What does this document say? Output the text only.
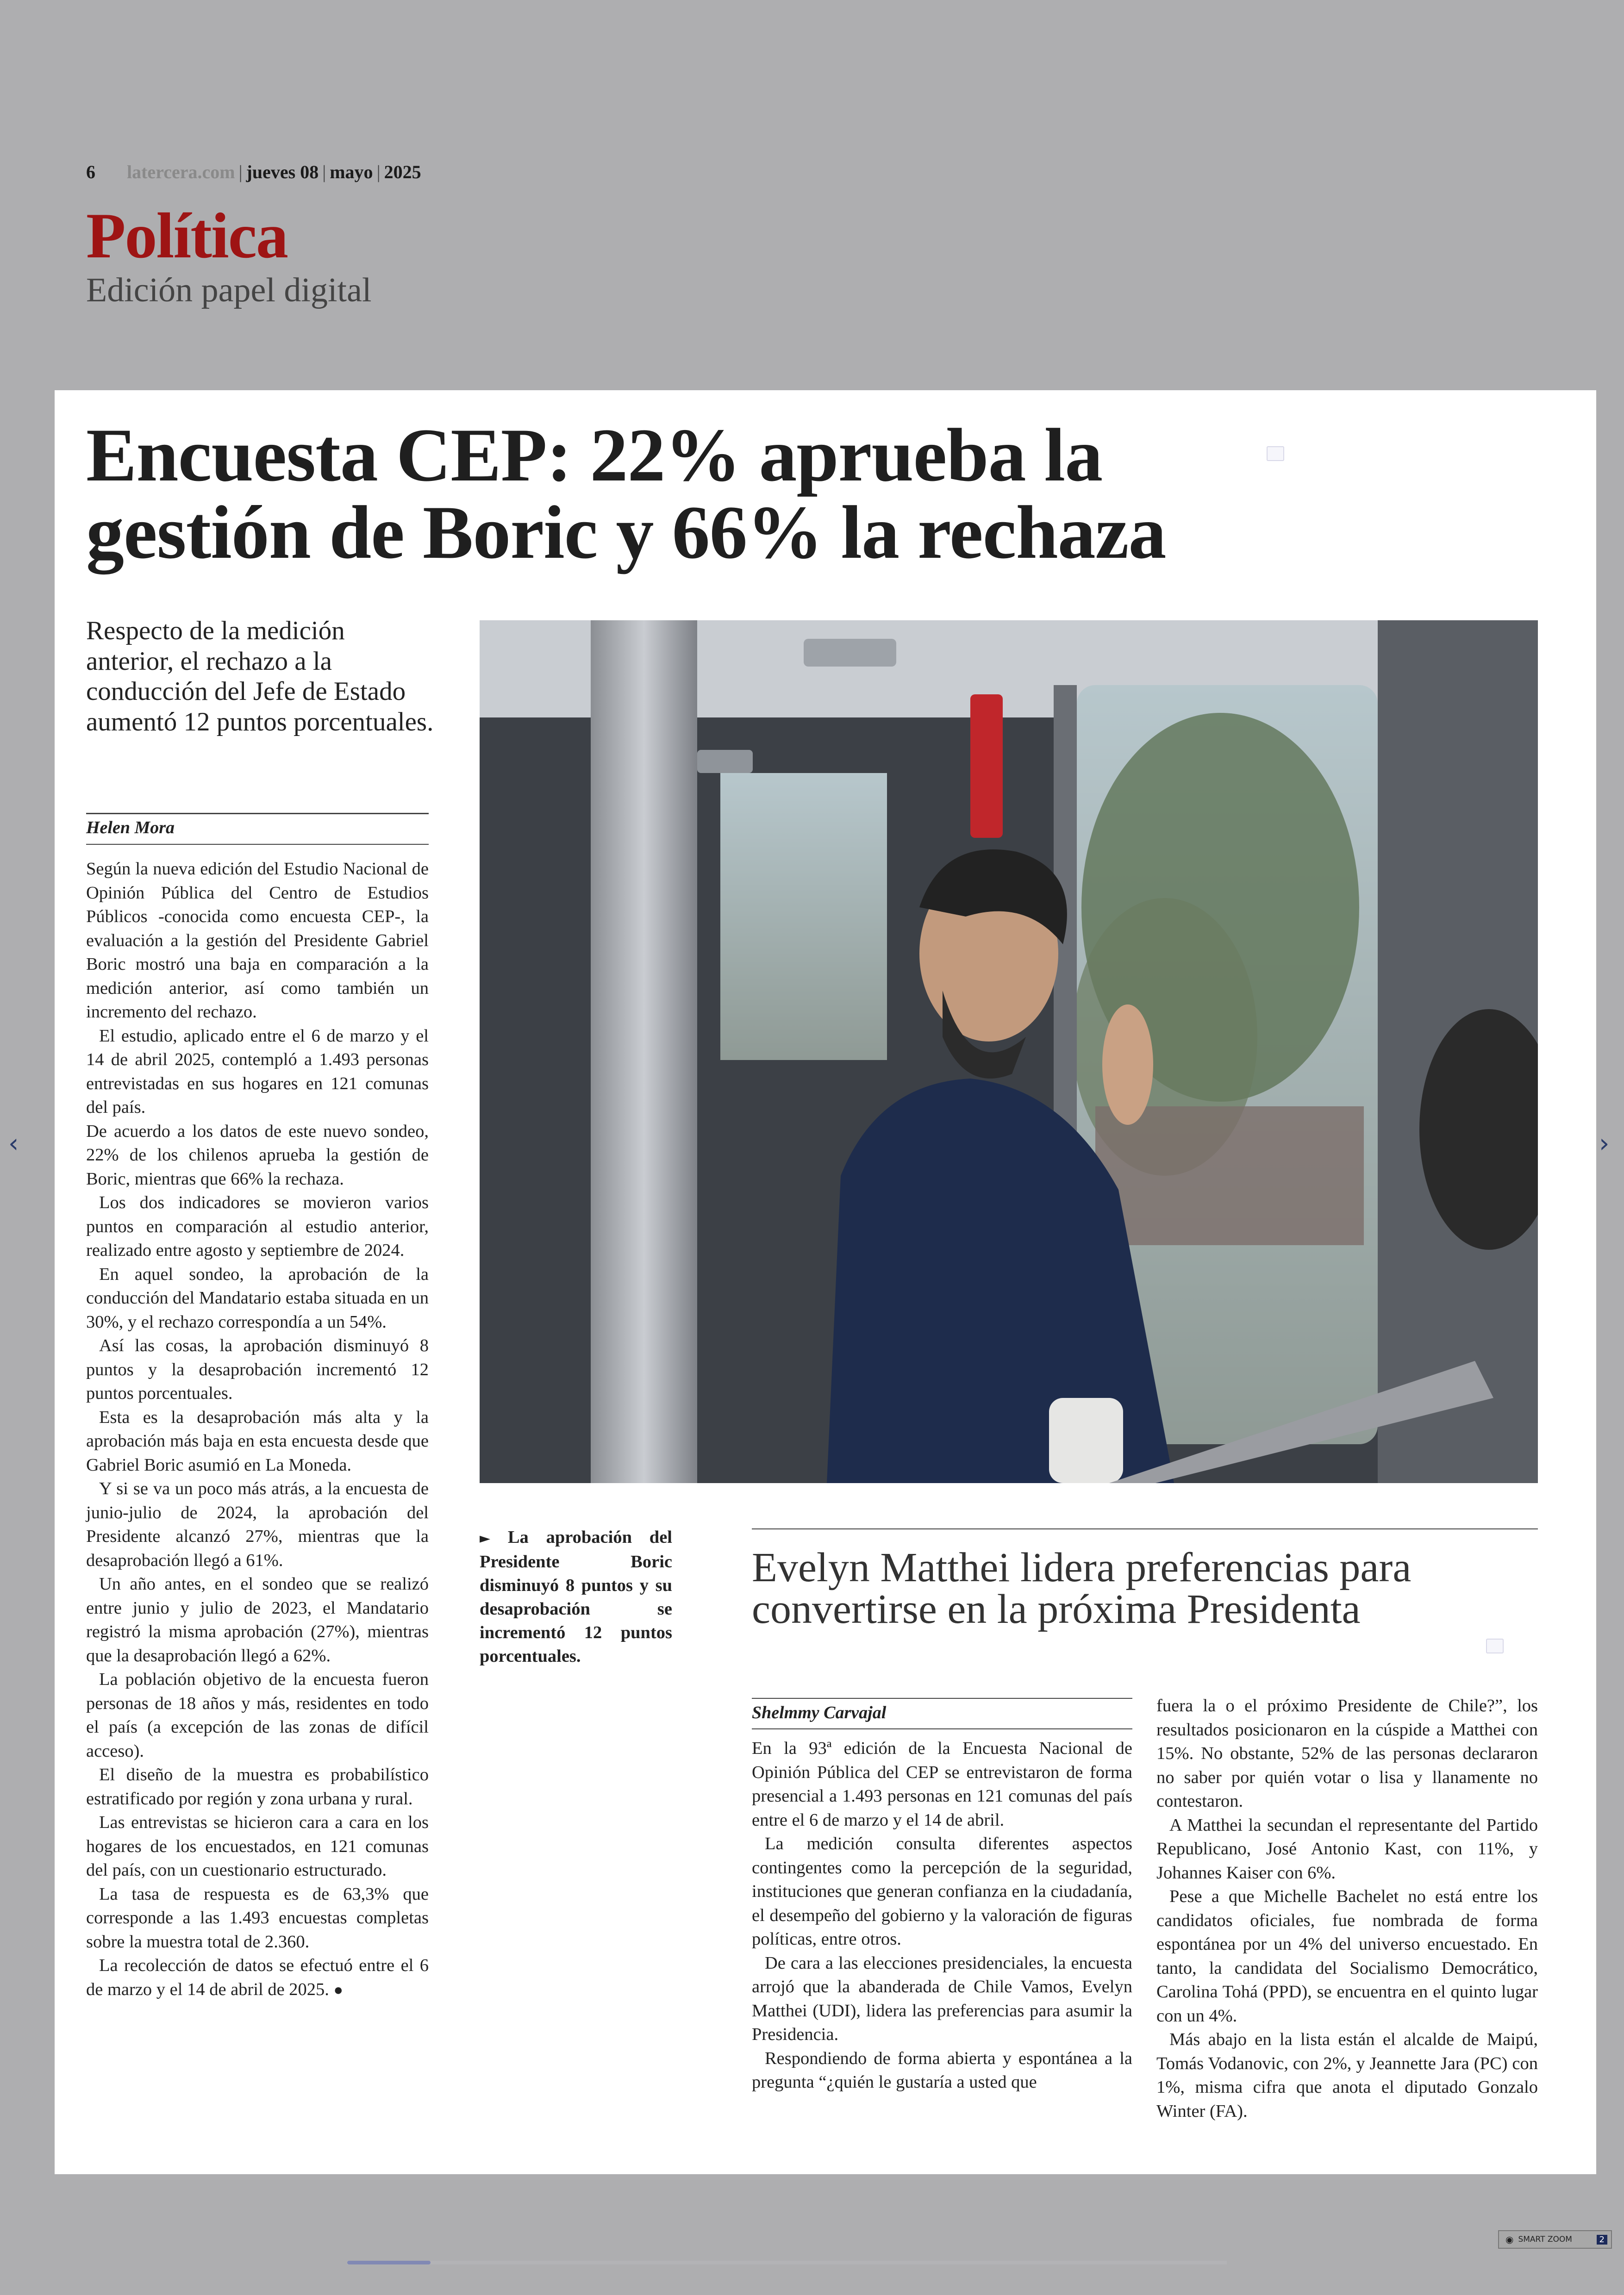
6 latercera.com | jueves 08 | mayo | 2025
Política
Edición papel digital
Encuesta CEP: 22% aprueba la gestión de Boric y 66% la rechaza
Respecto de la medición anterior, el rechazo a la conducción del Jefe de Estado aumentó 12 puntos porcentuales.
Helen Mora

Según la nueva edición del Estudio Nacional de Opinión Pública del Centro de Estudios Públicos -conocida como encuesta CEP-, la evaluación a la gestión del Presidente Gabriel Boric mostró una baja en comparación a la medición anterior, así como también un incremento del rechazo.

El estudio, aplicado entre el 6 de marzo y el 14 de abril 2025, contempló a 1.493 personas entrevistadas en sus hogares en 121 comunas del país.

De acuerdo a los datos de este nuevo sondeo, 22% de los chilenos aprueba la gestión de Boric, mientras que 66% la rechaza.

Los dos indicadores se movieron varios puntos en comparación al estudio anterior, realizado entre agosto y septiembre de 2024.

En aquel sondeo, la aprobación de la conducción del Mandatario estaba situada en un 30%, y el rechazo correspondía a un 54%.

Así las cosas, la aprobación disminuyó 8 puntos y la desaprobación incrementó 12 puntos porcentuales.

Esta es la desaprobación más alta y la aprobación más baja en esta encuesta desde que Gabriel Boric asumió en La Moneda.

Y si se va un poco más atrás, a la encuesta de junio-julio de 2024, la aprobación del Presidente alcanzó 27%, mientras que la desaprobación llegó a 61%.

Un año antes, en el sondeo que se realizó entre junio y julio de 2023, el Mandatario registró la misma aprobación (27%), mientras que la desaprobación llegó a 62%.

La población objetivo de la encuesta fueron personas de 18 años y más, residentes en todo el país (a excepción de las zonas de difícil acceso).

El diseño de la muestra es probabilístico estratificado por región y zona urbana y rural.

Las entrevistas se hicieron cara a cara en los hogares de los encuestados, en 121 comunas del país, con un cuestionario estructurado.

La tasa de respuesta es de 63,3% que corresponde a las 1.493 encuestas completas sobre la muestra total de 2.360.

La recolección de datos se efectuó entre el 6 de marzo y el 14 de abril de 2025. ●

► La aprobación del Presidente Boric disminuyó 8 puntos y su desaprobación se incrementó 12 puntos porcentuales.
Evelyn Matthei lidera preferencias para convertirse en la próxima Presidenta
Shelmmy Carvajal

En la 93ª edición de la Encuesta Nacional de Opinión Pública del CEP se entrevistaron de forma presencial a 1.493 personas en 121 comunas del país entre el 6 de marzo y el 14 de abril.

La medición consulta diferentes aspectos contingentes como la percepción de la seguridad, instituciones que generan confianza en la ciudadanía, el desempeño del gobierno y la valoración de figuras políticas, entre otros.

De cara a las elecciones presidenciales, la encuesta arrojó que la abanderada de Chile Vamos, Evelyn Matthei (UDI), lidera las preferencias para asumir la Presidencia.

Respondiendo de forma abierta y espontánea a la pregunta “¿quién le gustaría a usted que

fuera la o el próximo Presidente de Chile?”, los resultados posicionaron en la cúspide a Matthei con 15%. No obstante, 52% de las personas declararon no saber por quién votar o lisa y llanamente no contestaron.

A Matthei la secundan el representante del Partido Republicano, José Antonio Kast, con 11%, y Johannes Kaiser con 6%.

Pese a que Michelle Bachelet no está entre los candidatos oficiales, fue nombrada de forma espontánea por un 4% del universo encuestado. En tanto, la candidata del Socialismo Democrático, Carolina Tohá (PPD), se encuentra en el quinto lugar con un 4%.

Más abajo en la lista están el alcalde de Maipú, Tomás Vodanovic, con 2%, y Jeannette Jara (PC) con 1%, misma cifra que anota el diputado Gonzalo Winter (FA).

‹	›
◉ SMART ZOOM	2
